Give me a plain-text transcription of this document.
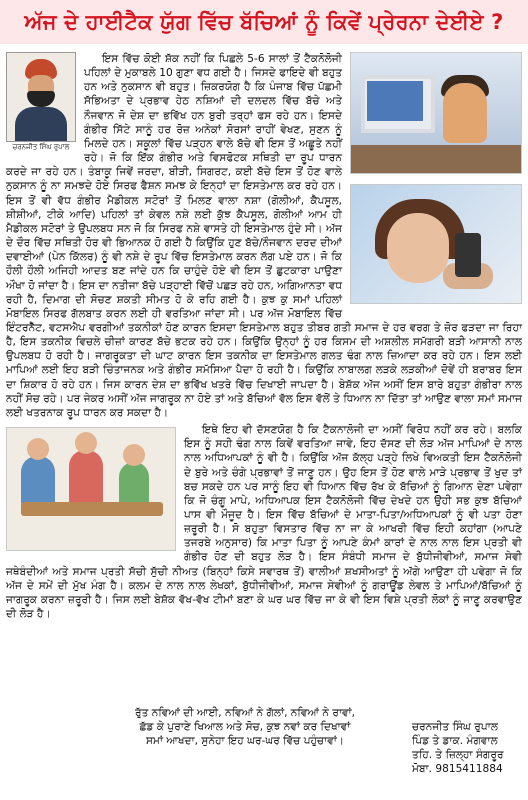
ਅੱਜ ਦੇ ਹਾਈਟੈਕ ਯੁੱਗ ਵਿੱਚ ਬੱਚਿਆਂ ਨੂੰ ਕਿਵੇਂ ਪ੍ਰੇਰਨਾ ਦੇਈਏ ?
ਚਰਨਜੀਤ ਸਿੰਘ ਰੁਪਾਲ

ਇਸ ਵਿੱਚ ਕੋਈ ਸ਼ੱਕ ਨਹੀਂ ਕਿ ਪਿਛਲੇ 5-6 ਸਾਲਾਂ ਤੋਂ ਟੈਕਨੋਲੋਜੀ ਪਹਿਲਾਂ ਦੇ ਮੁਕਾਬਲੇ 10 ਗੁਣਾ ਵਧ ਗਈ ਹੈ। ਜਿਸਦੇ ਫਾਇਦੇ ਵੀ ਬਹੁਤ ਹਨ ਅਤੇ ਨੁਕਸਾਨ ਵੀ ਬਹੁਤ। ਜ਼ਿਕਰਯੋਗ ਹੈ ਕਿ ਪੰਜਾਬ ਵਿੱਚ ਪੱਛਮੀ ਸੱਭਿਅਤਾ ਦੇ ਪ੍ਰਭਾਵ ਹੇਠ ਨਸ਼ਿਆਂ ਦੀ ਦਲਦਲ ਵਿੱਚ ਬੱਚੇ ਅਤੇ ਨੌਜਵਾਨ ਜੋ ਦੇਸ਼ ਦਾ ਭਵਿੱਖ ਹਨ ਬੁਰੀ ਤਰ੍ਹਾਂ ਫਸ ਰਹੇ ਹਨ। ਇਸਦੇ ਗੰਭੀਰ ਸਿੱਟੇ ਸਾਨੂੰ ਹਰ ਰੋਜ਼ ਅਨੇਕਾਂ ਸੋਰਸਾਂ ਰਾਹੀਂ ਵੇਖਣ, ਸੁਣਨ ਨੂੰ ਮਿਲਦੇ ਹਨ। ਸਕੂਲਾਂ ਵਿੱਚ ਪੜ੍ਹਨ ਵਾਲੇ ਬੱਚੇ ਵੀ ਇਸ ਤੋਂ ਅਛੂਤੇ ਨਹੀਂ ਰਹੇ। ਜੋ ਕਿ ਇੱਕ ਗੰਭੀਰ ਅਤੇ ਵਿਸਫੋਟਕ ਸਥਿਤੀ ਦਾ ਰੂਪ ਧਾਰਨ ਕਰਦੇ ਜਾ ਰਹੇ ਹਨ। ਤੰਬਾਕੂ ਜਿਵੇਂ ਜਰਦਾ, ਬੀੜੀ, ਸਿਗਰਟ, ਕਈ ਬੱਚੇ ਇਸ ਤੋਂ ਹੋਣ ਵਾਲੇ ਨੁਕਸਾਨ ਨੂੰ ਨਾ ਸਮਝਦੇ ਹੋਏ ਸਿਰਫ ਫੈਸ਼ਨ ਸਮਝ ਕੇ ਇਨ੍ਹਾਂ ਦਾ ਇਸਤੇਮਾਲ ਕਰ ਰਹੇ ਹਨ। ਇਸ ਤੋਂ ਵੀ ਵੱਧ ਗੰਭੀਰ ਮੈਡੀਕਲ ਸਟੋਰਾਂ ਤੋਂ ਮਿਲਣ ਵਾਲਾ ਨਸ਼ਾ (ਗੋਲੀਆਂ, ਕੈਪਸੂਲ, ਸ਼ੀਸ਼ੀਆਂ, ਟੀਕੇ ਆਦਿ) ਪਹਿਲਾਂ ਤਾਂ ਕੇਵਲ ਨਸ਼ੇ ਲਈ ਕੁੱਝ ਕੈਪਸੂਲ, ਗੋਲੀਆਂ ਆਮ ਹੀ ਮੈਡੀਕਲ ਸਟੋਰਾਂ ਤੇ ਉਪਲਬਧ ਸਨ ਜੋ ਕਿ ਸਿਰਫ ਨਸ਼ੇ ਵਾਸਤੇ ਹੀ ਇਸਤੇਮਾਲ ਹੁੰਦੇ ਸੀ। ਅੱਜ ਦੇ ਦੌਰ ਵਿੱਚ ਸਥਿਤੀ ਹੋਰ ਵੀ ਭਿਆਨਕ ਹੋ ਗਈ ਹੈ ਕਿਉਂਕਿ ਹੁਣ ਬੱਚੇ/ਨੌਜਵਾਨ ਦਰਦ ਦੀਆਂ ਦਵਾਈਆਂ (ਪੇਨ ਕਿੱਲਰ) ਨੂੰ ਵੀ ਨਸ਼ੇ ਦੇ ਰੂਪ ਵਿੱਚ ਇਸਤੇਮਾਲ ਕਰਨ ਲੱਗ ਪਏ ਹਨ। ਜੋ ਕਿ ਹੌਲੀ ਹੌਲੀ ਅਜਿਹੀ ਆਦਤ ਬਣ ਜਾਂਦੇ ਹਨ ਕਿ ਚਾਹੁੰਦੇ ਹੋਏ ਵੀ ਇਸ ਤੋਂ ਛੁਟਕਾਰਾ ਪਾਉਣਾ ਔਖਾ ਹੋ ਜਾਂਦਾ ਹੈ। ਇਸ ਦਾ ਨਤੀਜਾ ਬੱਚੇ ਪੜ੍ਹਾਈ ਵਿੱਚੋਂ ਪਛੜ ਰਹੇ ਹਨ, ਅਗਿਆਨਤਾ ਵਧ ਰਹੀ ਹੈ, ਦਿਮਾਗ ਦੀ ਸੋਚਣ ਸ਼ਕਤੀ ਸੀਮਤ ਹੋ ਕੇ ਰਹਿ ਗਈ ਹੈ। ਕੁਝ ਕੁ ਸਮਾਂ ਪਹਿਲਾਂ ਮੋਬਾਇਲ ਸਿਰਫ ਗੱਲਬਾਤ ਕਰਨ ਲਈ ਹੀ ਵਰਤਿਆ ਜਾਂਦਾ ਸੀ। ਪਰ ਅੱਜ ਮੋਬਾਇਲ ਵਿੱਚ ਇੰਟਰਨੈੱਟ, ਵਟਸਐਪ ਵਰਗੀਆਂ ਤਕਨੀਕਾਂ ਹੋਣ ਕਾਰਨ ਇਸਦਾ ਇਸਤੇਮਾਲ ਬਹੁਤ ਤੀਬਰ ਗਤੀ ਸਮਾਜ ਦੇ ਹਰ ਵਰਗ ਤੇ ਜ਼ੋਰ ਫੜਦਾ ਜਾ ਰਿਹਾ ਹੈ, ਇਸ ਤਕਨੀਕ ਵਿਚਲੇ ਚੀਜ਼ਾਂ ਕਾਰਣ ਬੱਚੇ ਭਟਕ ਰਹੇ ਹਨ। ਕਿਉਂਕਿ ਉਨ੍ਹਾਂ ਨੂੰ ਹਰ ਕਿਸਮ ਦੀ ਅਸ਼ਲੀਲ ਸਮੱਗਰੀ ਬੜੀ ਆਸਾਨੀ ਨਾਲ ਉਪਲਬਧ ਹੋ ਰਹੀ ਹੈ। ਜਾਗਰੂਕਤਾ ਦੀ ਘਾਟ ਕਾਰਨ ਇਸ ਤਕਨੀਕ ਦਾ ਇਸਤੇਮਾਲ ਗਲਤ ਢੰਗ ਨਾਲ ਜ਼ਿਆਦਾ ਕਰ ਰਹੇ ਹਨ। ਇਸ ਲਈ ਮਾਪਿਆਂ ਲਈ ਇਹ ਬੜੀ ਚਿੰਤਾਜਨਕ ਅਤੇ ਗੰਭੀਰ ਸਮੱਸਿਆ ਪੈਦਾ ਹੋ ਰਹੀ ਹੈ। ਕਿਉਂਕਿ ਨਾਬਾਲਗ ਲੜਕੇ ਲੜਕੀਆਂ ਦੋਵੇਂ ਹੀ ਬਰਾਬਰ ਇਸ ਦਾ ਸ਼ਿਕਾਰ ਹੋ ਰਹੇ ਹਨ। ਜਿਸ ਕਾਰਨ ਦੇਸ਼ ਦਾ ਭਵਿੱਖ ਖਤਰੇ ਵਿੱਚ ਦਿਖਾਈ ਜਾਪਦਾ ਹੈ। ਬੇਸ਼ੱਕ ਅੱਜ ਅਸੀਂ ਇਸ ਬਾਰੇ ਬਹੁਤਾ ਗੰਭੀਰਾ ਨਾਲ ਨਹੀਂ ਸੋਚ ਰਹੇ। ਪਰ ਜੇਕਰ ਅਸੀਂ ਅੱਜ ਜਾਗਰੂਕ ਨਾ ਹੋਏ ਤਾਂ ਅਤੇ ਬੱਚਿਆਂ ਵੱਲ ਇਸ ਵੱਲੋਂ ਤੇ ਧਿਆਨ ਨਾ ਦਿੱਤਾ ਤਾਂ ਆਉਣ ਵਾਲਾ ਸਮਾਂ ਸਮਾਜ ਲਈ ਖਤਰਨਾਕ ਰੂਪ ਧਾਰਨ ਕਰ ਸਕਦਾ ਹੈ।

ਇਥੇ ਇਹ ਵੀ ਦੱਸਣਯੋਗ ਹੈ ਕਿ ਟੈਕਨਾਲੋਜੀ ਦਾ ਅਸੀਂ ਵਿਰੋਧ ਨਹੀਂ ਕਰ ਰਹੇ। ਬਲਕਿ ਇਸ ਨੂੰ ਸਹੀ ਢੰਗ ਨਾਲ ਕਿਵੇਂ ਵਰਤਿਆ ਜਾਵੇ, ਇਹ ਦੱਸਣ ਦੀ ਲੋੜ ਅੱਜ ਮਾਪਿਆਂ ਦੇ ਨਾਲ ਨਾਲ ਅਧਿਆਪਕਾਂ ਨੂੰ ਵੀ ਹੈ। ਕਿਉਂਕਿ ਅੱਜ ਕੱਲ੍ਹ ਪੜ੍ਹੇ ਲਿਖੇ ਵਿਅਕਤੀ ਇਸ ਟੈਕਨੋਲੋਜੀ ਦੇ ਬੁਰੇ ਅਤੇ ਚੰਗੇ ਪ੍ਰਭਾਵਾਂ ਤੋਂ ਜਾਣੂ ਹਨ। ਉਹ ਇਸ ਤੋਂ ਹੋਣ ਵਾਲੇ ਮਾੜੇ ਪ੍ਰਭਾਵ ਤੋਂ ਖੁਦ ਤਾਂ ਬਚ ਸਕਦੇ ਹਨ ਪਰ ਸਾਨੂੰ ਇਹ ਵੀ ਧਿਆਨ ਵਿੱਚ ਰੱਖ ਕੇ ਬੱਚਿਆਂ ਨੂੰ ਗਿਆਨ ਦੇਣਾ ਪਵੇਗਾ ਕਿ ਜੋ ਚੰਗੂ ਮਾਪੇ, ਅਧਿਆਪਕ ਇਸ ਟੈਕਨੋਲੋਜੀ ਵਿੱਚ ਦੇਖਦੇ ਹਨ ਉਹੀ ਸਭ ਕੁਝ ਬੱਚਿਆਂ ਪਾਸ ਵੀ ਮੌਜੂਦ ਹੈ। ਇਸ ਵਿੱਚ ਬੱਚਿਆਂ ਦੇ ਮਾਤਾ-ਪਿਤਾ/ਅਧਿਆਪਕਾਂ ਨੂੰ ਵੀ ਪਤਾ ਹੋਣਾ ਜ਼ਰੂਰੀ ਹੈ। ਸੋ ਬਹੁਤਾ ਵਿਸਤਾਰ ਵਿੱਚ ਨਾ ਜਾ ਕੇ ਆਖਰੀ ਵਿੱਚ ਇਹੀ ਕਹਾਂਗਾ (ਆਪਣੇ ਤਜਰਬੇ ਅਨੁਸਾਰ) ਕਿ ਮਾਤਾ ਪਿਤਾ ਨੂੰ ਆਪਣੇ ਕੰਮਾਂ ਕਾਰਾਂ ਦੇ ਨਾਲ ਨਾਲ ਇਸ ਪ੍ਰਤੀ ਵੀ ਗੰਭੀਰ ਹੋਣ ਦੀ ਬਹੁਤ ਲੋੜ ਹੈ। ਇਸ ਸੰਬੰਧੀ ਸਮਾਜ ਦੇ ਬੁੱਧੀਜੀਵੀਆਂ, ਸਮਾਜ ਸੇਵੀ ਜਥੇਬੰਦੀਆਂ ਅਤੇ ਸਮਾਜ ਪ੍ਰਤੀ ਸੱਚੀ ਸੁੱਚੀ ਨੀਅਤ (ਬਿਨ੍ਹਾਂ ਕਿਸੇ ਸਵਾਰਥ ਤੋਂ) ਵਾਲੀਆਂ ਸ਼ਖਸੀਅਤਾਂ ਨੂੰ ਅੱਗੇ ਆਉਣਾ ਹੀ ਪਵੇਗਾ ਜੋ ਕਿ ਅੱਜ ਦੇ ਸਮੇਂ ਦੀ ਮੁੱਖ ਮੰਗ ਹੈ। ਕਲਮ ਦੇ ਨਾਲ ਨਾਲ ਲੇਖਕਾਂ, ਬੁੱਧੀਜੀਵੀਆਂ, ਸਮਾਜ ਸੇਵੀਆਂ ਨੂੰ ਗਰਾਊਂਡ ਲੇਵਲ ਤੇ ਮਾਪਿਆਂ/ਬੱਚਿਆਂ ਨੂੰ ਜਾਗਰੂਕ ਕਰਨਾ ਜ਼ਰੂਰੀ ਹੈ। ਜਿਸ ਲਈ ਬੇਸ਼ੱਕ ਵੱਖ-ਵੱਖ ਟੀਮਾਂ ਬਣਾ ਕੇ ਘਰ ਘਰ ਵਿੱਚ ਜਾ ਕੇ ਵੀ ਇਸ ਵਿਸ਼ੇ ਪ੍ਰਤੀ ਲੋਕਾਂ ਨੂੰ ਜਾਣੂ ਕਰਵਾਉਣ ਦੀ ਲੋੜ ਹੈ।

ਰੁੱਤ ਨਵਿਆਂ ਦੀ ਆਈ, ਨਵਿਆਂ ਨੇ ਗੱਲਾਂ, ਨਵਿਆਂ ਨੇ ਰਾਵਾਂ,
ਛੱਡ ਕੇ ਪੁਰਾਣੇ ਖਿਆਲ ਅਤੇ ਸੋਚ, ਕੁਝ ਨਵਾਂ ਕਰ ਦਿਖਾਵਾਂ
ਸਮਾਂ ਆਖਦਾ, ਸੁਨੇਹਾ ਇਹ ਘਰ-ਘਰ ਵਿੱਚ ਪਹੁੰਚਾਵਾਂ।
ਚਰਨਜੀਤ ਸਿੰਘ ਰੁਪਾਲ
ਪਿੰਡ ਤੇ ਡਾਕ. ਮੰਗਵਾਲ
ਤਹਿ. ਤੇ ਜ਼ਿਲ੍ਹਾ ਸੰਗਰੂਰ
ਮੋਬਾ. 9815411884
